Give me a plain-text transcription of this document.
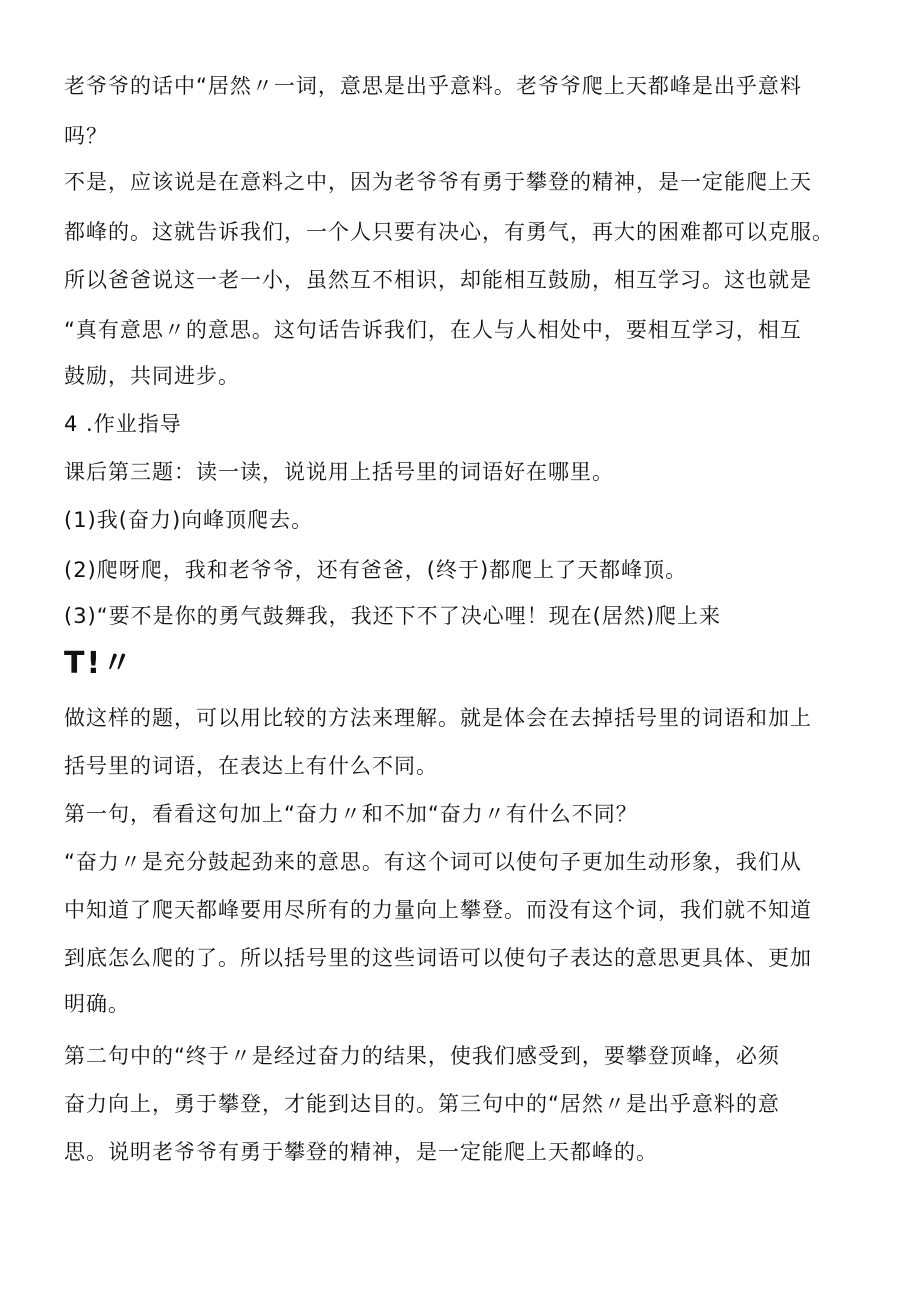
老爷爷的话中“居然〃一词，意思是出乎意料。老爷爷爬上天都峰是出乎意料
吗？
不是，应该说是在意料之中，因为老爷爷有勇于攀登的精神，是一定能爬上天
都峰的。这就告诉我们，一个人只要有决心，有勇气，再大的困难都可以克服。
所以爸爸说这一老一小，虽然互不相识，却能相互鼓励，相互学习。这也就是
“真有意思〃的意思。这句话告诉我们，在人与人相处中，要相互学习，相互
鼓励，共同进步。
4 .作业指导
课后第三题：读一读，说说用上括号里的词语好在哪里。
(1)我(奋力)向峰顶爬去。
(2)爬呀爬，我和老爷爷，还有爸爸，(终于)都爬上了天都峰顶。
(3)“要不是你的勇气鼓舞我，我还下不了决心哩！现在(居然)爬上来
T!〃
做这样的题，可以用比较的方法来理解。就是体会在去掉括号里的词语和加上
括号里的词语，在表达上有什么不同。
第一句，看看这句加上“奋力〃和不加“奋力〃有什么不同？
“奋力〃是充分鼓起劲来的意思。有这个词可以使句子更加生动形象，我们从
中知道了爬天都峰要用尽所有的力量向上攀登。而没有这个词，我们就不知道
到底怎么爬的了。所以括号里的这些词语可以使句子表达的意思更具体、更加
明确。
第二句中的“终于〃是经过奋力的结果，使我们感受到，要攀登顶峰，必须
奋力向上，勇于攀登，才能到达目的。第三句中的“居然〃是出乎意料的意
思。说明老爷爷有勇于攀登的精神，是一定能爬上天都峰的。
